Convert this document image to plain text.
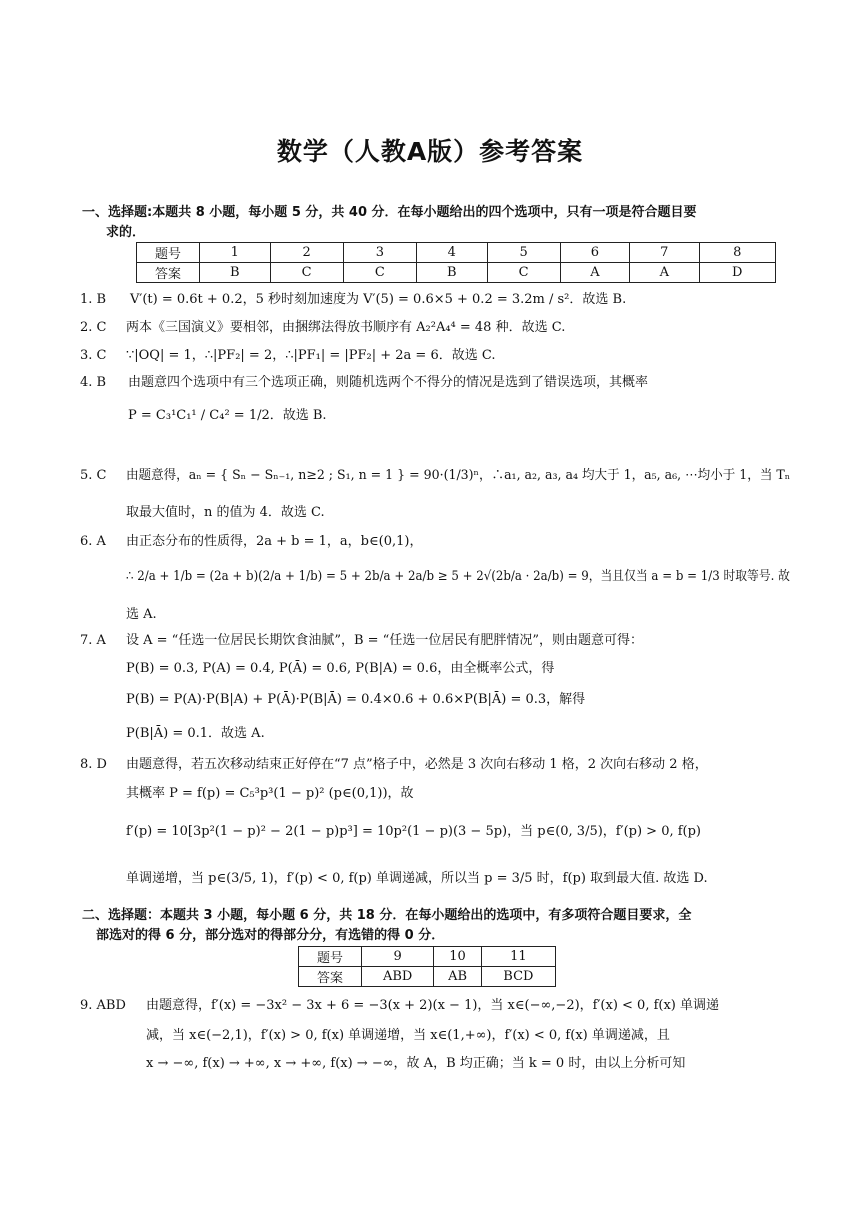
数学（人教A版）参考答案
一、选择题:本题共 8 小题，每小题 5 分，共 40 分．在每小题给出的四个选项中，只有一项是符合题目要
求的．
题号	1	2	3	4	5	6	7	8
答案	B	C	C	B	C	A	A	D
1. B V′(t) = 0.6t + 0.2，5 秒时刻加速度为 V′(5) = 0.6×5 + 0.2 = 3.2m / s²．故选 B.
2. C 两本《三国演义》要相邻，由捆绑法得放书顺序有 A₂²A₄⁴ = 48 种．故选 C.
3. C ∵|OQ| = 1，∴|PF₂| = 2，∴|PF₁| = |PF₂| + 2a = 6．故选 C.
4. B 由题意四个选项中有三个选项正确，则随机选两个不得分的情况是选到了错误选项，其概率
P = C₃¹C₁¹ / C₄² = 1/2．故选 B.
5. C 由题意得，aₙ = { Sₙ − Sₙ₋₁, n≥2 ; S₁, n = 1 } = 90·(1/3)ⁿ，∴a₁, a₂, a₃, a₄ 均大于 1，a₅, a₆, ⋯均小于 1，当 Tₙ
取最大值时，n 的值为 4．故选 C.
6. A 由正态分布的性质得，2a + b = 1，a，b∈(0,1)，
∴ 2/a + 1/b = (2a + b)(2/a + 1/b) = 5 + 2b/a + 2a/b ≥ 5 + 2√(2b/a · 2a/b) = 9，当且仅当 a = b = 1/3 时取等号. 故
选 A.
7. A 设 A = “任选一位居民长期饮食油腻”，B = “任选一位居民有肥胖情况”，则由题意可得：
P(B) = 0.3, P(A) = 0.4, P(Ā) = 0.6, P(B|A) = 0.6，由全概率公式，得
P(B) = P(A)·P(B|A) + P(Ā)·P(B|Ā) = 0.4×0.6 + 0.6×P(B|Ā) = 0.3，解得
P(B|Ā) = 0.1．故选 A.
8. D 由题意得，若五次移动结束正好停在“7 点”格子中，必然是 3 次向右移动 1 格，2 次向右移动 2 格，
其概率 P = f(p) = C₅³p³(1 − p)² (p∈(0,1))，故
f′(p) = 10[3p²(1 − p)² − 2(1 − p)p³] = 10p²(1 − p)(3 − 5p)，当 p∈(0, 3/5)，f′(p) > 0, f(p)
单调递增，当 p∈(3/5, 1)，f′(p) < 0, f(p) 单调递减，所以当 p = 3/5 时，f(p) 取到最大值. 故选 D.
二、选择题：本题共 3 小题，每小题 6 分，共 18 分．在每小题给出的选项中，有多项符合题目要求，全
部选对的得 6 分，部分选对的得部分分，有选错的得 0 分．
题号	9	10	11
答案	ABD	AB	BCD
9. ABD 由题意得，f′(x) = −3x² − 3x + 6 = −3(x + 2)(x − 1)，当 x∈(−∞,−2)，f′(x) < 0, f(x) 单调递
减，当 x∈(−2,1)，f′(x) > 0, f(x) 单调递增，当 x∈(1,+∞)，f′(x) < 0, f(x) 单调递减，且
x → −∞, f(x) → +∞, x → +∞, f(x) → −∞，故 A，B 均正确；当 k = 0 时，由以上分析可知
